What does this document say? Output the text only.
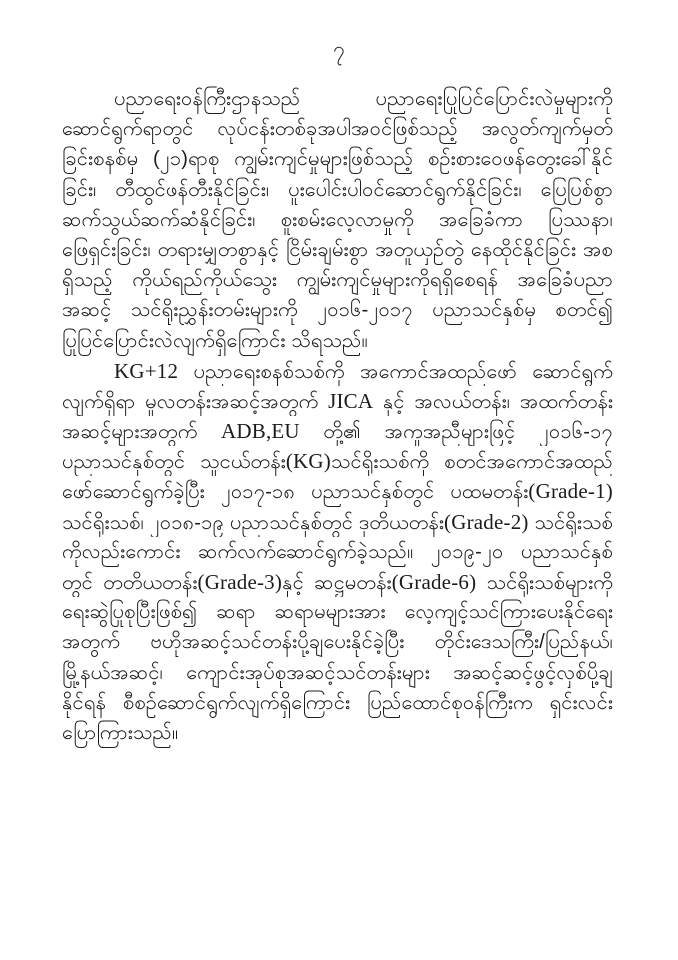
၇
ပညာရေးဝန်ကြီးဌာနသည် ပညာရေးပြုပြင်ပြောင်းလဲမှုများကို
ဆောင်ရွက်ရာတွင် လုပ်ငန်းတစ်ခုအပါအဝင်ဖြစ်သည့် အလွတ်ကျက်မှတ်
ခြင်းစနစ်မှ (၂၁)ရာစု ကျွမ်းကျင်မှုများဖြစ်သည့် စဉ်းစားဝေဖန်တွေးခေါ်နိုင်
ခြင်း၊ တီထွင်ဖန်တီးနိုင်ခြင်း၊ ပူးပေါင်းပါဝင်ဆောင်ရွက်နိုင်ခြင်း၊ ပြေပြစ်စွာ
ဆက်သွယ်ဆက်ဆံနိုင်ခြင်း၊ စူးစမ်းလေ့လာမှုကို အခြေခံကာ ပြဿနာ၊
ဖြေရှင်းခြင်း၊ တရားမျှတစွာနှင့် ငြိမ်းချမ်းစွာ အတူယှဉ်တွဲ နေထိုင်နိုင်ခြင်း အစ
ရှိသည့် ကိုယ်ရည်ကိုယ်သွေး ကျွမ်းကျင်မှုများကိုရရှိစေရန် အခြေခံပညာ
အဆင့် သင်ရိုးညွှန်းတမ်းများကို ၂၀၁၆-၂၀၁၇ ပညာသင်နှစ်မှ စတင်၍
ပြုပြင်ပြောင်းလဲလျက်ရှိကြောင်း သိရသည်။
KG+12 ပညာရေးစနစ်သစ်ကို အကောင်အထည်ဖော် ဆောင်ရွက်
လျက်ရှိရာ မူလတန်းအဆင့်အတွက် JICA နှင့် အလယ်တန်း၊ အထက်တန်း
အဆင့်များအတွက် ADB,EU တို့၏ အကူအညီများဖြင့် ၂၀၁၆-၁၇
ပညာသင်နှစ်တွင် သူငယ်တန်း(KG)သင်ရိုးသစ်ကို စတင်အကောင်အထည်
ဖော်ဆောင်ရွက်ခဲ့ပြီး ၂၀၁၇-၁၈ ပညာသင်နှစ်တွင် ပထမတန်း(Grade-1)
သင်ရိုးသစ်၊ ၂၀၁၈-၁၉ ပညာသင်နှစ်တွင် ဒုတိယတန်း(Grade-2) သင်ရိုးသစ်
ကိုလည်းကောင်း ဆက်လက်ဆောင်ရွက်ခဲ့သည်။ ၂၀၁၉-၂၀ ပညာသင်နှစ်
တွင် တတိယတန်း(Grade-3)နှင့် ဆဋ္ဌမတန်း(Grade-6) သင်ရိုးသစ်များကို
ရေးဆွဲပြုစုပြီးဖြစ်၍ ဆရာ ဆရာမများအား လေ့ကျင့်သင်ကြားပေးနိုင်ရေး
အတွက် ဗဟိုအဆင့်သင်တန်းပို့ချပေးနိုင်ခဲ့ပြီး တိုင်းဒေသကြီး/ပြည်နယ်၊
မြို့နယ်အဆင့်၊ ကျောင်းအုပ်စုအဆင့်သင်တန်းများ အဆင့်ဆင့်ဖွင့်လှစ်ပို့ချ
နိုင်ရန် စီစဉ်ဆောင်ရွက်လျက်ရှိကြောင်း ပြည်ထောင်စုဝန်ကြီးက ရှင်းလင်း
ပြောကြားသည်။
